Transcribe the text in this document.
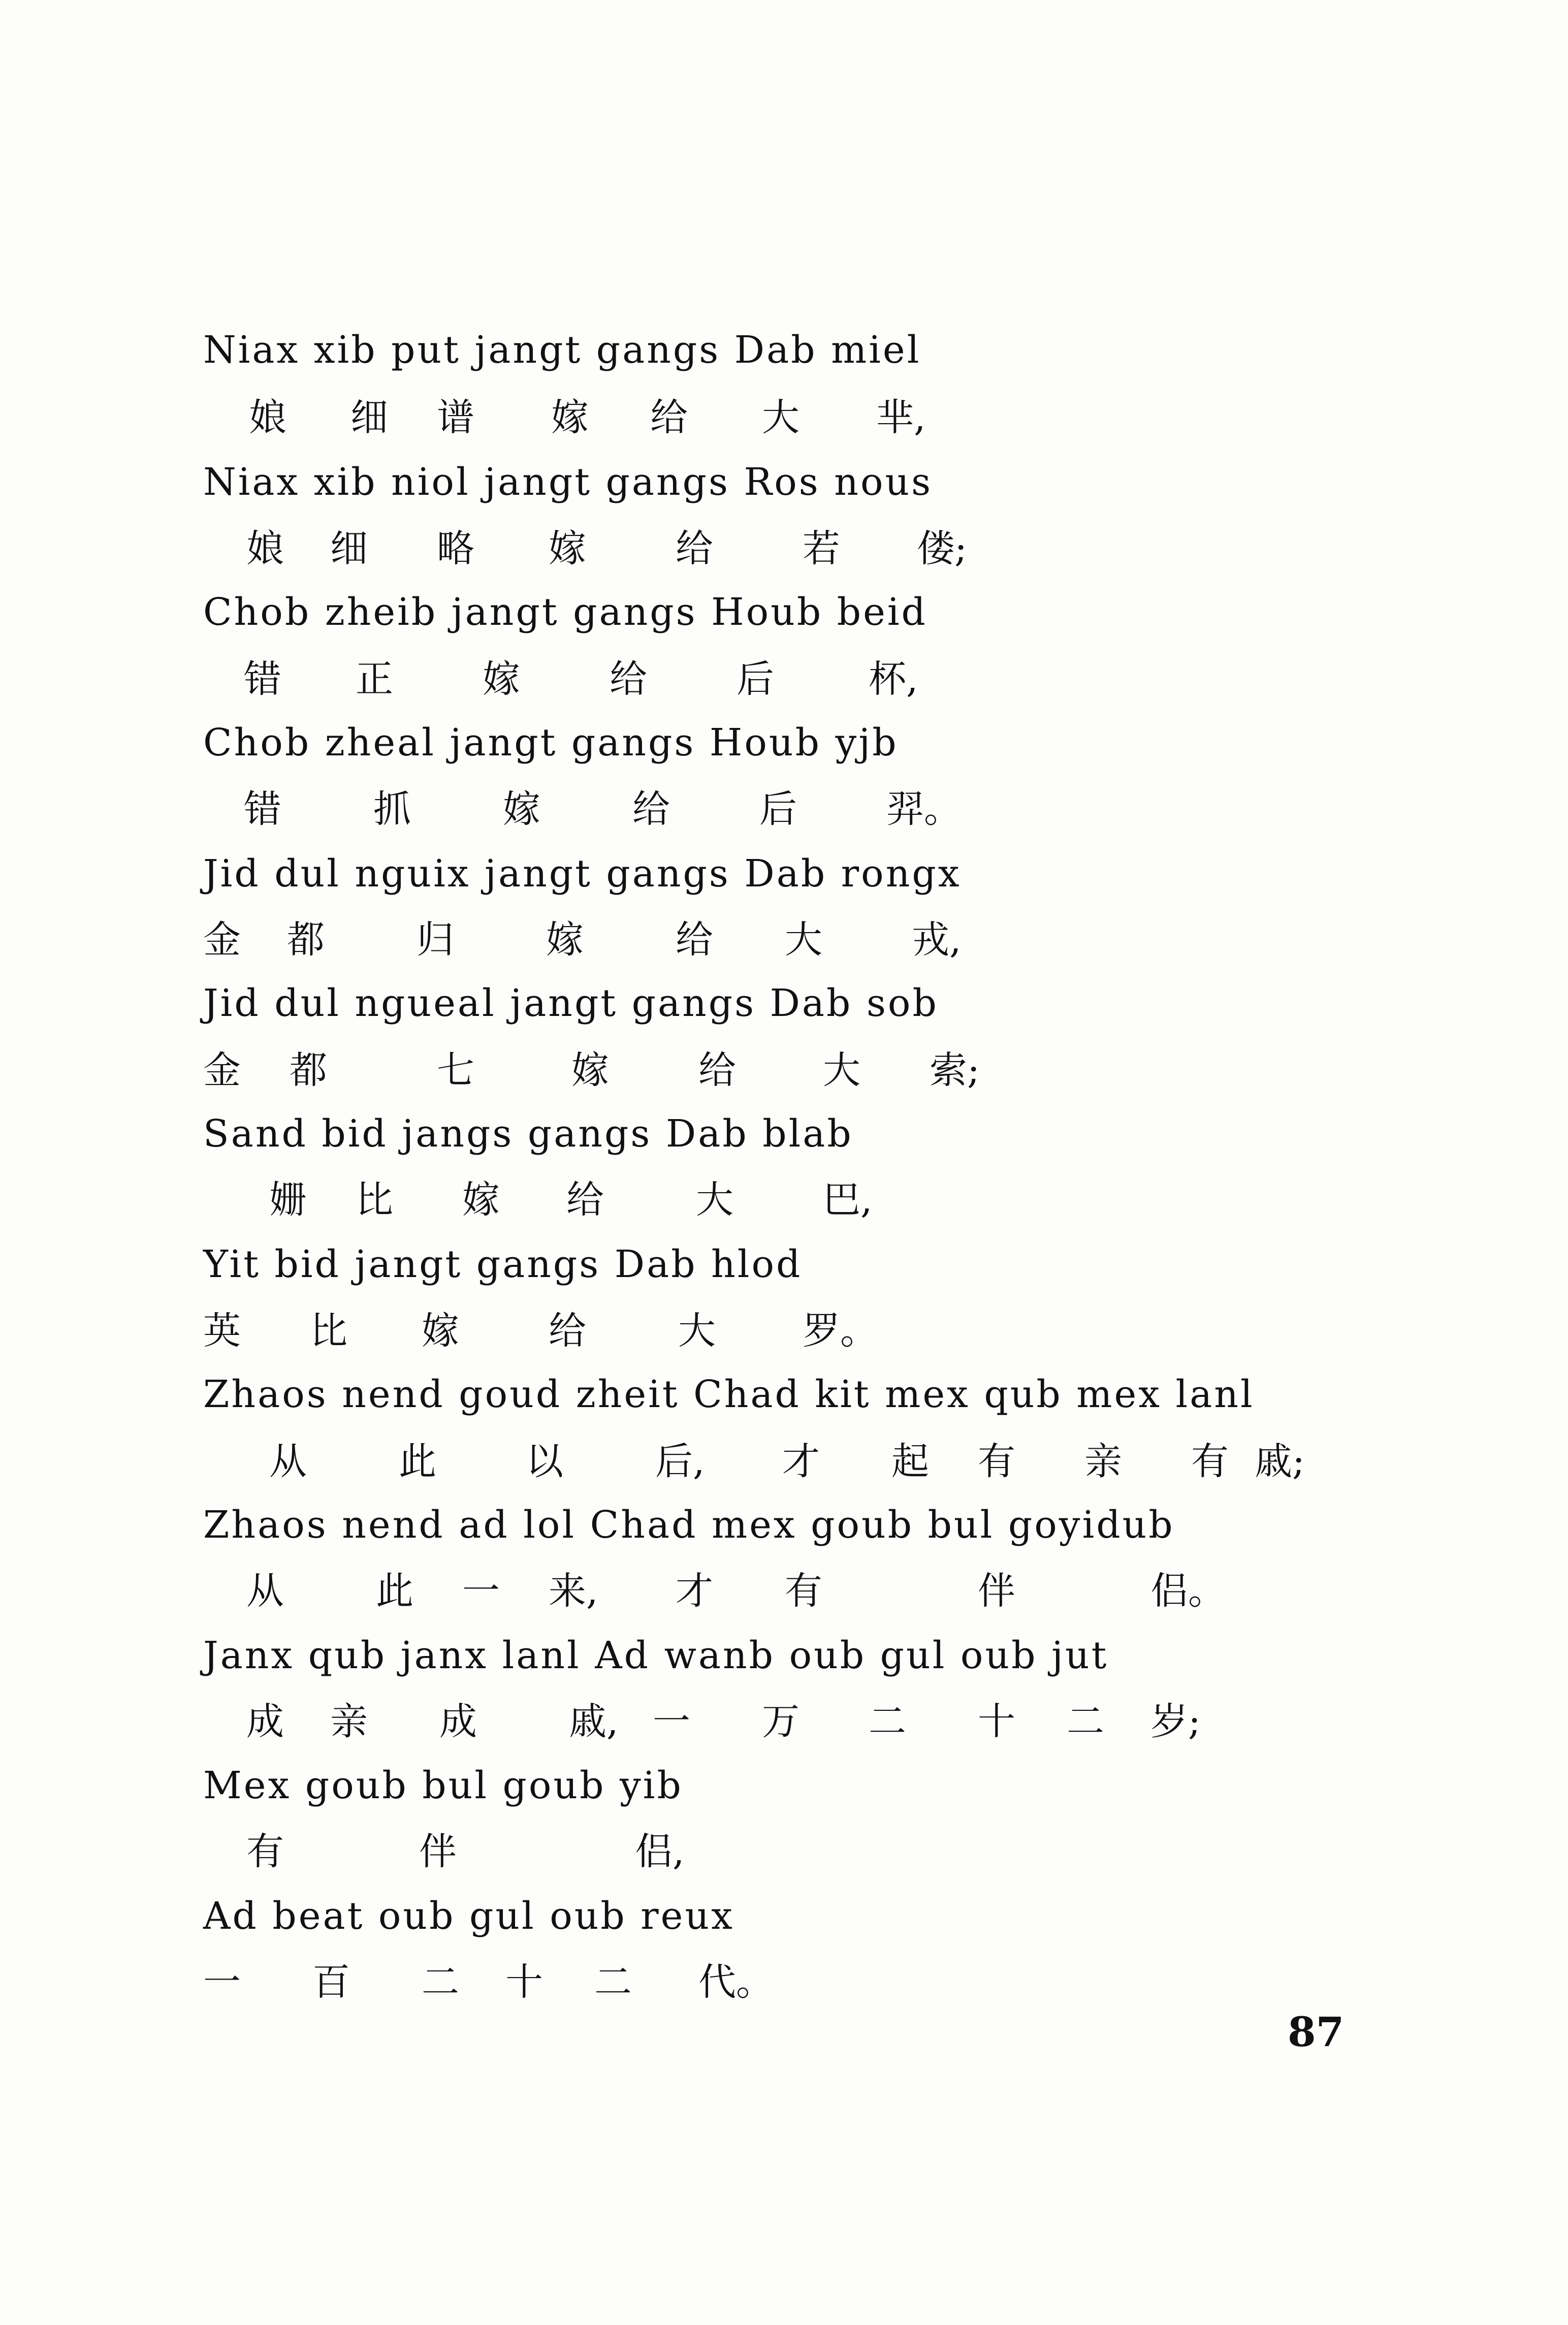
Niax xib put jangt gangs Dab miel
娘 细 谱 嫁 给 大 芈,
Niax xib niol jangt gangs Ros nous
娘 细 略 嫁 给 若 偻;
Chob zheib jangt gangs Houb beid
错 正 嫁 给 后	杯,
Chob zheal jangt gangs Houb yjb
错 抓 嫁 给 后 羿。
Jid dul nguix jangt gangs Dab rongx
金 都 归 嫁 给 大 戎,
Jid dul ngueal jangt gangs Dab sob
金 都	七	嫁 给 大 索;
Sand bid jangs gangs Dab blab
姗 比 嫁 给 大 巴,
Yit bid jangt gangs Dab hlod
英 比 嫁 给 大 罗。
Zhaos nend goud zheit Chad kit mex qub mex lanl
从 此 以 后, 才 起 有 亲 有 戚;
Zhaos nend ad lol Chad mex goub bul goyidub
从 此 一 来, 才 有	伴	侣。
Janx qub janx lanl Ad wanb oub gul oub jut
成 亲 成 戚, 一 万 二 十 二 岁;
Mex goub bul goub yib
有	伴	侣,
Ad beat oub gul oub reux
一 百 二 十 二 代。
87
